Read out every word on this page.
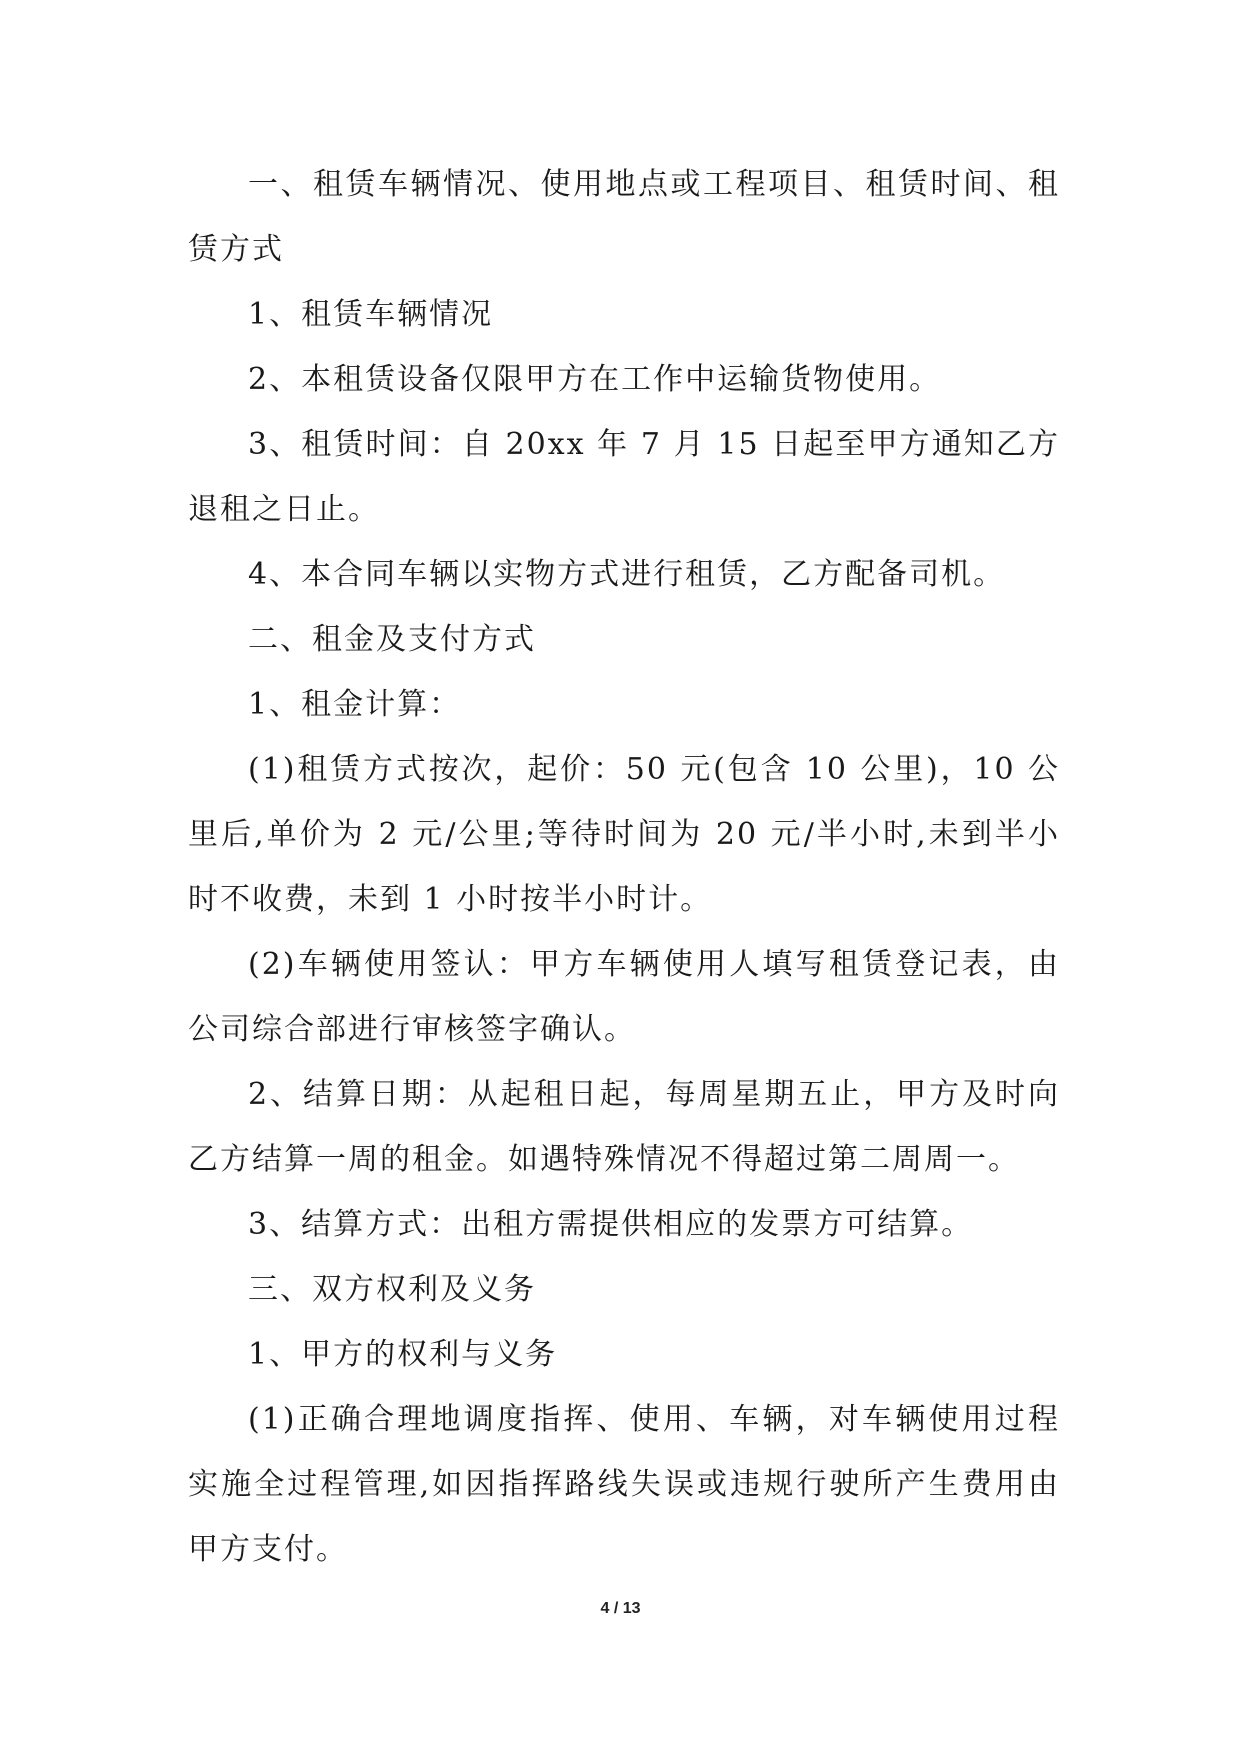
一、租赁车辆情况、使用地点或工程项目、租赁时间、租赁方式

1、租赁车辆情况

2、本租赁设备仅限甲方在工作中运输货物使用。

3、租赁时间：自 20xx 年 7 月 15 日起至甲方通知乙方退租之日止。

4、本合同车辆以实物方式进行租赁，乙方配备司机。

二、租金及支付方式

1、租金计算：

(1)租赁方式按次，起价：50 元(包含 10 公里)，10 公里后,单价为 2 元/公里;等待时间为 20 元/半小时,未到半小时不收费，未到 1 小时按半小时计。

(2)车辆使用签认：甲方车辆使用人填写租赁登记表，由公司综合部进行审核签字确认。

2、结算日期：从起租日起，每周星期五止，甲方及时向乙方结算一周的租金。如遇特殊情况不得超过第二周周一。

3、结算方式：出租方需提供相应的发票方可结算。

三、双方权利及义务

1、甲方的权利与义务

(1)正确合理地调度指挥、使用、车辆，对车辆使用过程实施全过程管理,如因指挥路线失误或违规行驶所产生费用由甲方支付。

4 / 13
